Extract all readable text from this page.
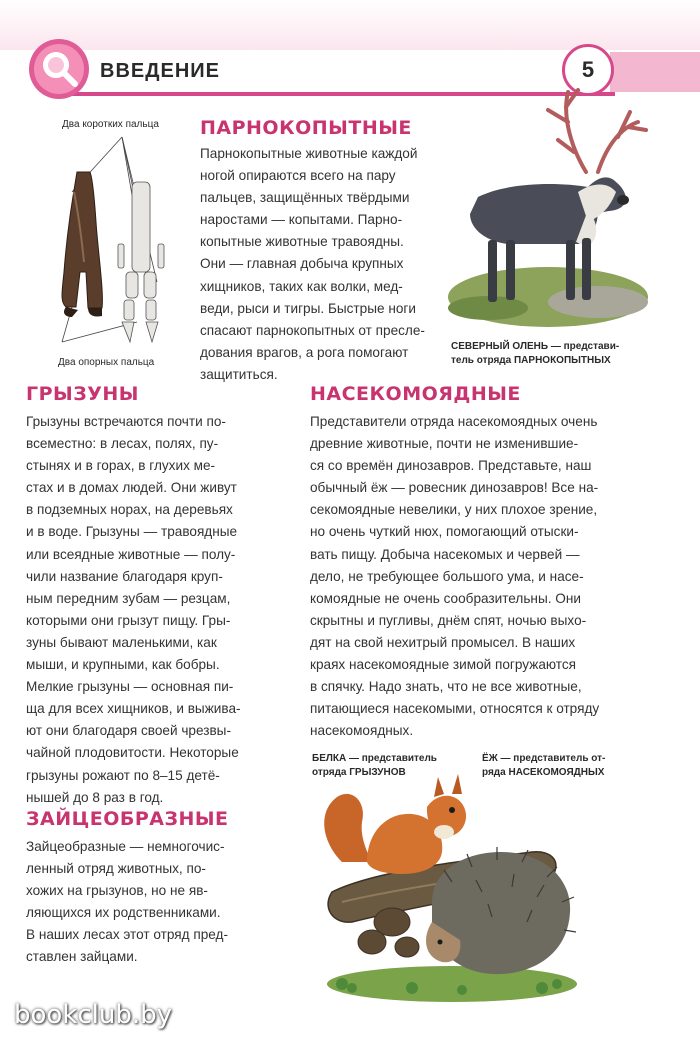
ВВЕДЕНИЕ	5
Два коротких пальца
Два опорных пальца
ПАРНОКОПЫТНЫЕ
Парнокопытные животные каждой
ногой опираются всего на пару
пальцев, защищённых твёрдыми
наростами — копытами. Парно-
копытные животные травоядны.
Они — главная добыча крупных
хищников, таких как волки, мед-
веди, рыси и тигры. Быстрые ноги
спасают парнокопытных от пресле-
дования врагов, а рога помогают
защититься.
СЕВЕРНЫЙ ОЛЕНЬ — представи-
тель отряда ПАРНОКОПЫТНЫХ
ГРЫЗУНЫ
Грызуны встречаются почти по-
всеместно: в лесах, полях, пу-
стынях и в горах, в глухих ме-
стах и в домах людей. Они живут
в подземных норах, на деревьях
и в воде. Грызуны — травоядные
или всеядные животные — полу-
чили название благодаря круп-
ным передним зубам — резцам,
которыми они грызут пищу. Гры-
зуны бывают маленькими, как
мыши, и крупными, как бобры.
Мелкие грызуны — основная пи-
ща для всех хищников, и выжива-
ют они благодаря своей чрезвы-
чайной плодовитости. Некоторые
грызуны рожают по 8–15 детё-
нышей до 8 раз в год.
НАСЕКОМОЯДНЫЕ
Представители отряда насекомоядных очень
древние животные, почти не изменившие-
ся со времён динозавров. Представьте, наш
обычный ёж — ровесник динозавров! Все на-
секомоядные невелики, у них плохое зрение,
но очень чуткий нюх, помогающий отыски-
вать пищу. Добыча насекомых и червей —
дело, не требующее большого ума, и насе-
комоядные не очень сообразительны. Они
скрытны и пугливы, днём спят, ночью выхо-
дят на свой нехитрый промысел. В наших
краях насекомоядные зимой погружаются
в спячку. Надо знать, что не все животные,
питающиеся насекомыми, относятся к отряду
насекомоядных.
ЗАЙЦЕОБРАЗНЫЕ
Зайцеобразные — немногочис-
ленный отряд животных, по-
хожих на грызунов, но не яв-
ляющихся их родственниками.
В наших лесах этот отряд пред-
ставлен зайцами.
БЕЛКА — представитель
отряда ГРЫЗУНОВ
ЁЖ — представитель от-
ряда НАСЕКОМОЯДНЫХ
bookclub.by
